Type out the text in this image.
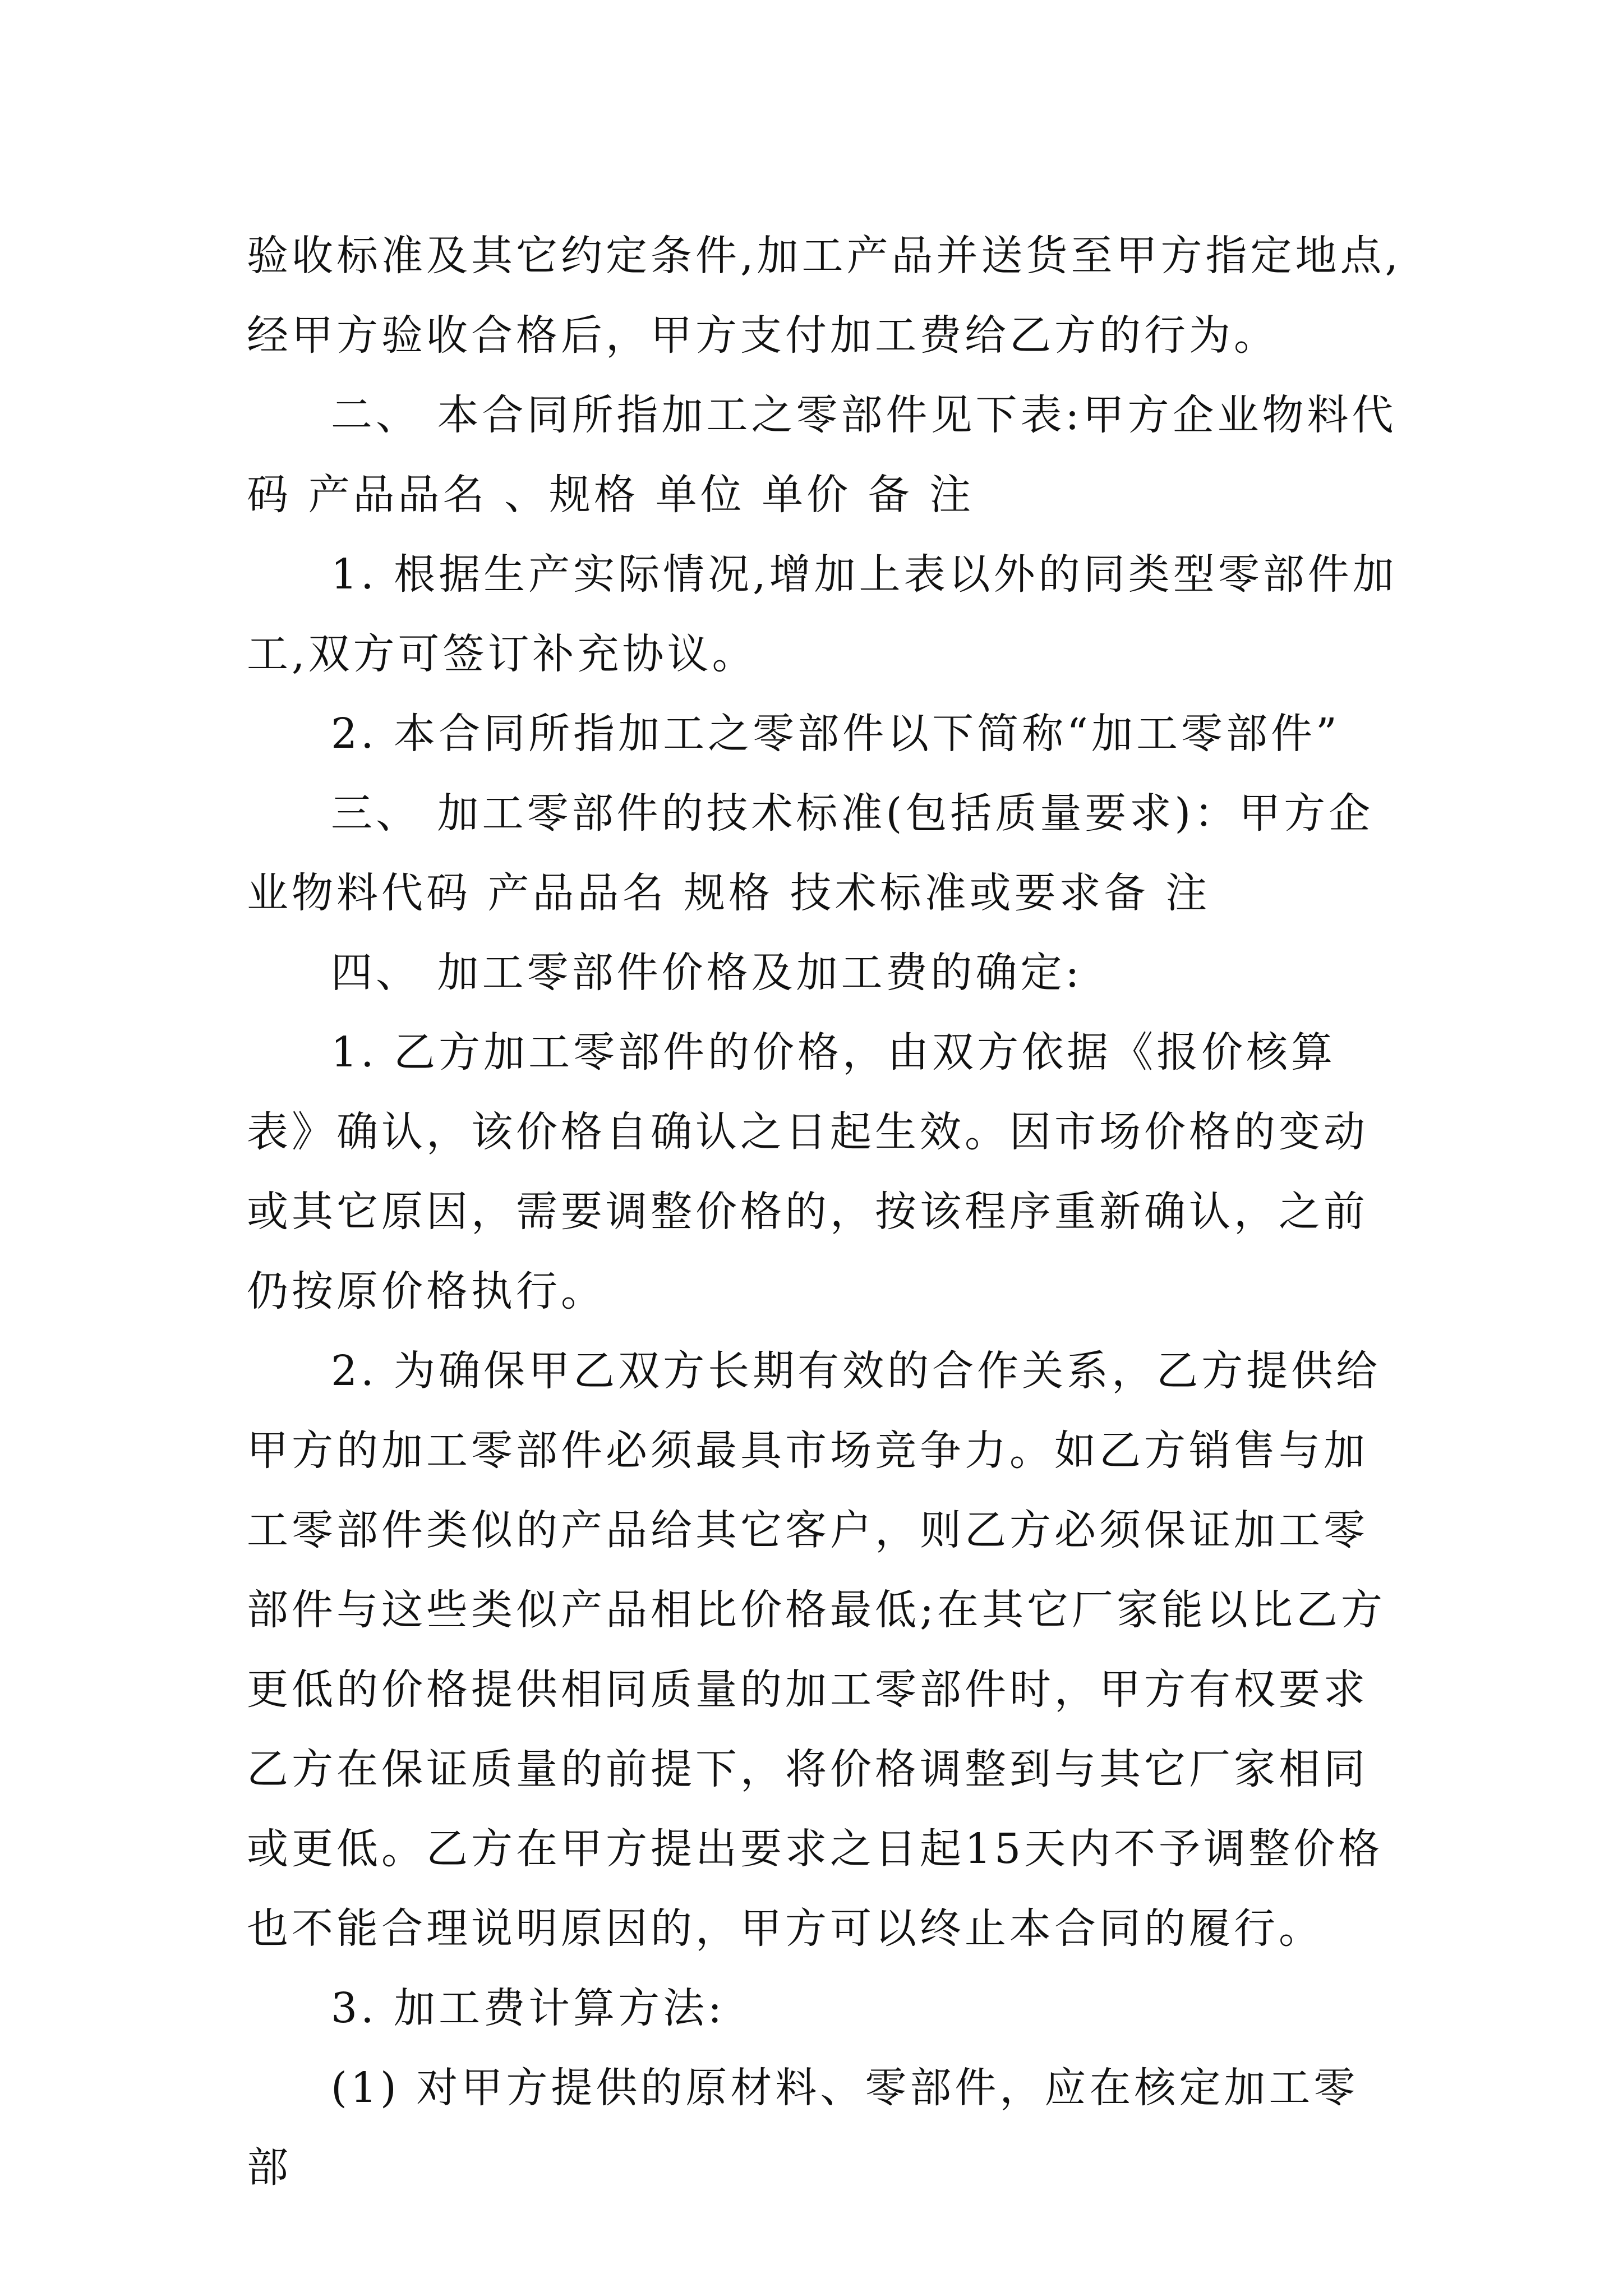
验收标准及其它约定条件,加工产品并送货至甲方指定地点,经甲方验收合格后，甲方支付加工费给乙方的行为。

二、 本合同所指加工之零部件见下表:甲方企业物料代码 产品品名 、规格 单位 单价 备 注

1. 根据生产实际情况,增加上表以外的同类型零部件加工,双方可签订补充协议。

2. 本合同所指加工之零部件以下简称“加工零部件”

三、 加工零部件的技术标准(包括质量要求)：甲方企业物料代码 产品品名 规格 技术标准或要求备 注

四、 加工零部件价格及加工费的确定:

1. 乙方加工零部件的价格，由双方依据《报价核算表》确认，该价格自确认之日起生效。因市场价格的变动或其它原因，需要调整价格的，按该程序重新确认，之前仍按原价格执行。

2. 为确保甲乙双方长期有效的合作关系，乙方提供给甲方的加工零部件必须最具市场竞争力。如乙方销售与加工零部件类似的产品给其它客户，则乙方必须保证加工零部件与这些类似产品相比价格最低;在其它厂家能以比乙方更低的价格提供相同质量的加工零部件时，甲方有权要求乙方在保证质量的前提下，将价格调整到与其它厂家相同或更低。乙方在甲方提出要求之日起15天内不予调整价格也不能合理说明原因的，甲方可以终止本合同的履行。

3. 加工费计算方法:

(1) 对甲方提供的原材料、零部件，应在核定加工零部
